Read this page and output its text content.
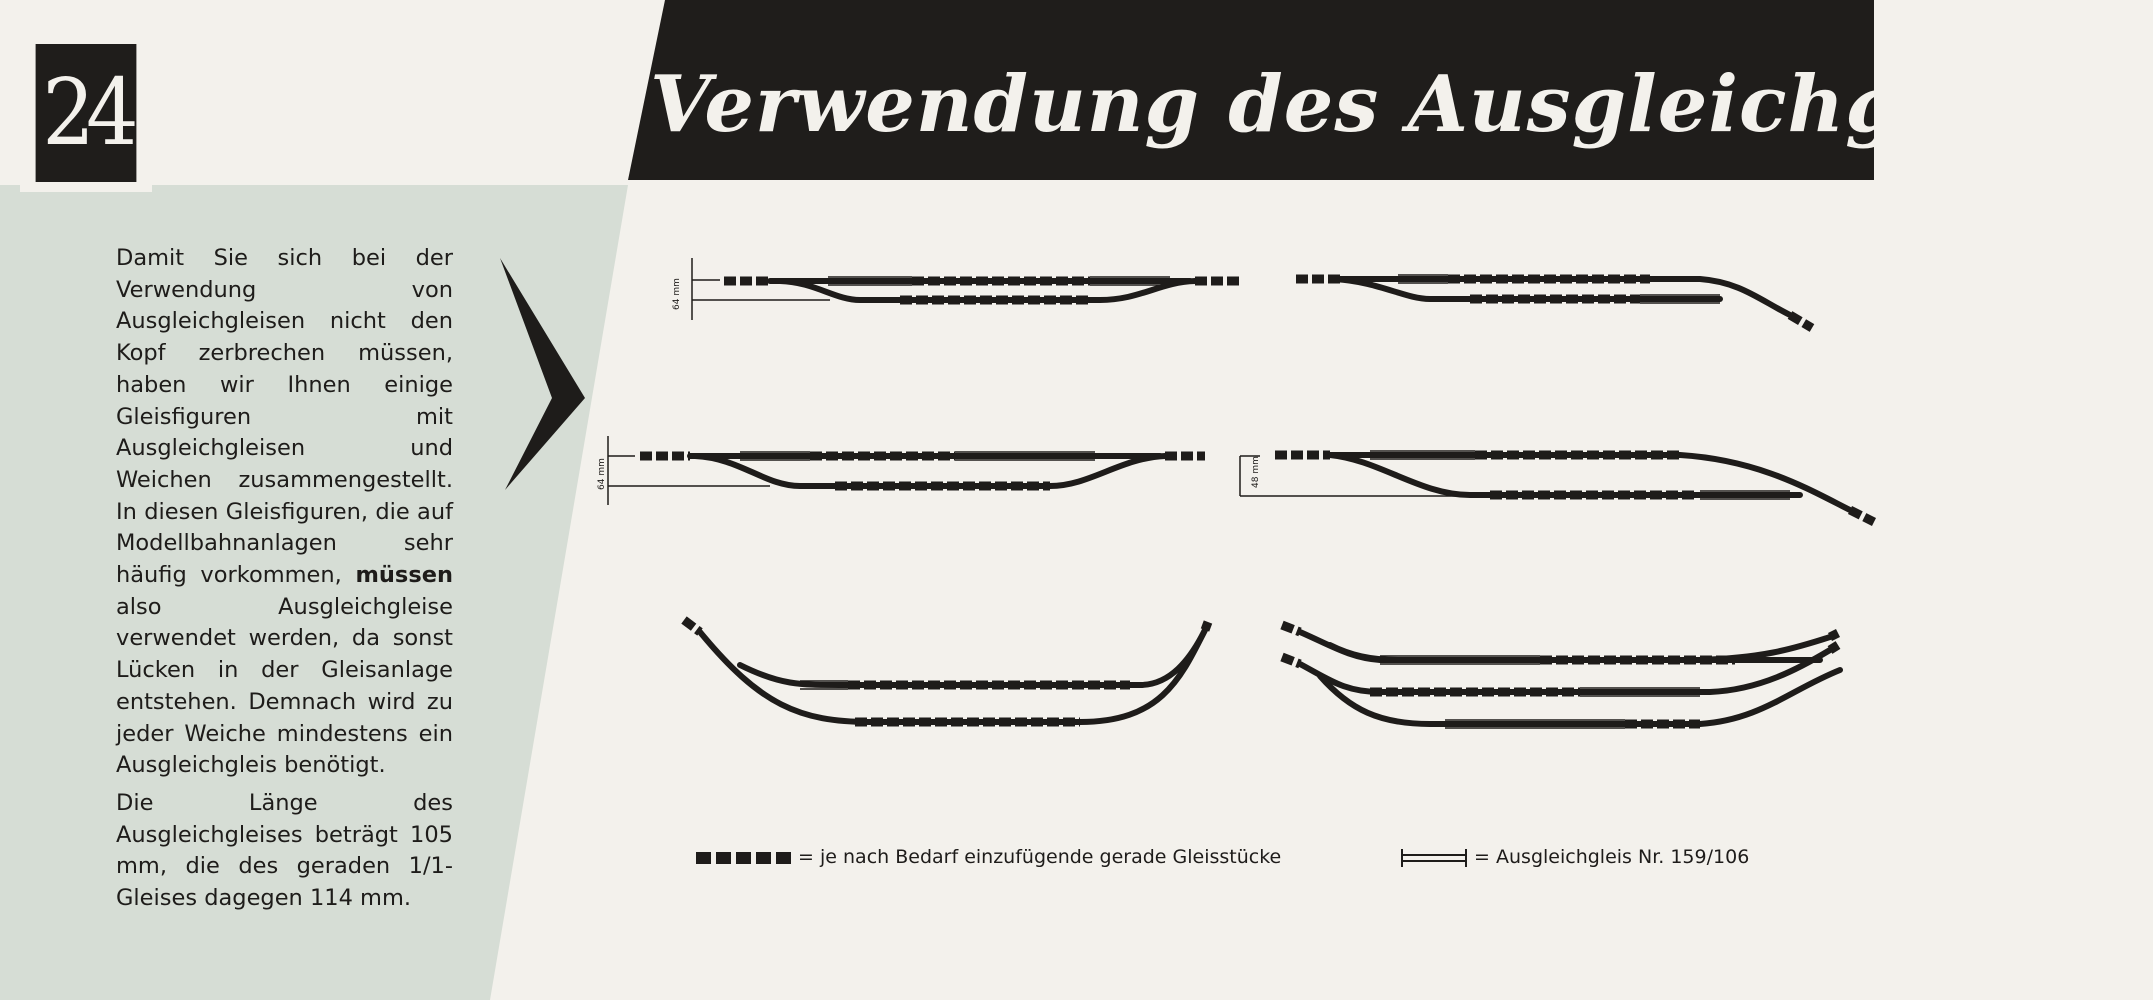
24	Verwendung des Ausgleichgleises

Damit Sie sich bei der Verwendung von Ausgleichgleisen nicht den Kopf zerbrechen müssen, haben wir Ihnen einige Gleisfiguren mit Ausgleichgleisen und Weichen zusammengestellt. In diesen Gleisfiguren, die auf Modellbahnanlagen sehr häufig vorkommen, müssen also Ausgleichgleise verwendet werden, da sonst Lücken in der Gleisanlage entstehen. Demnach wird zu jeder Weiche mindestens ein Ausgleichgleis benötigt.

Die Länge des Ausgleichgleises beträgt 105 mm, die des geraden 1/1-Gleises dagegen 114 mm.

64 mm
64 mm	48 mm
= je nach Bedarf einzufügende gerade Gleisstücke	= Ausgleichgleis Nr. 159/106
